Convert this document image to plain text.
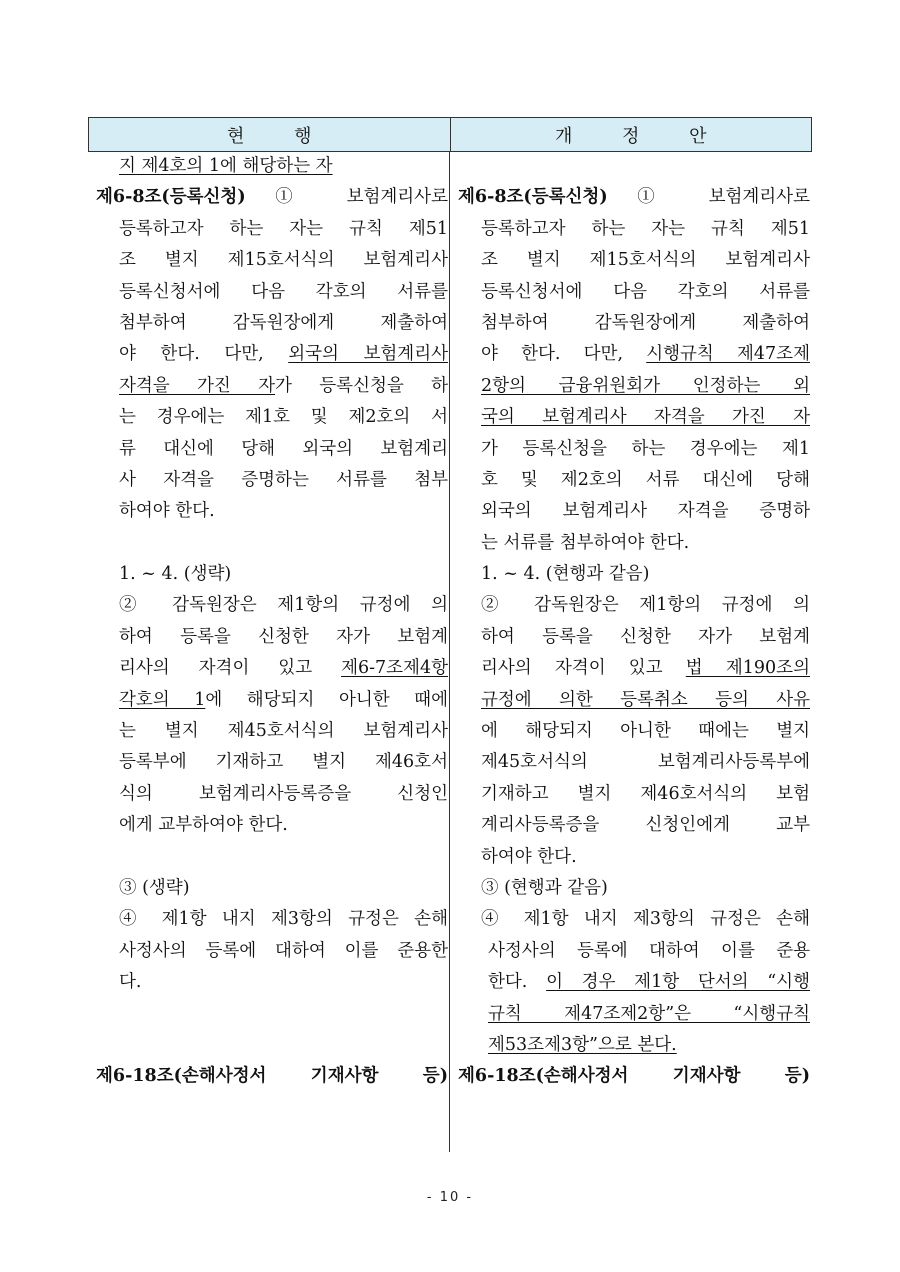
현 행	개 정 안
지 제4호의 1에 해당하는 자
제6-8조(등록신청) ① 보험계리사로
등록하고자 하는 자는 규칙 제51
조 별지 제15호서식의 보험계리사
등록신청서에 다음 각호의 서류를
첨부하여 감독원장에게 제출하여
야 한다. 다만, 외국의 보험계리사
자격을 가진 자가 등록신청을 하
는 경우에는 제1호 및 제2호의 서
류 대신에 당해 외국의 보험계리
사 자격을 증명하는 서류를 첨부
하여야 한다.
1. ~ 4. (생략)
② 감독원장은 제1항의 규정에 의
하여 등록을 신청한 자가 보험계
리사의 자격이 있고 제6-7조제4항
각호의 1에 해당되지 아니한 때에
는 별지 제45호서식의 보험계리사
등록부에 기재하고 별지 제46호서
식의 보험계리사등록증을 신청인
에게 교부하여야 한다.
③ (생략)
④ 제1항 내지 제3항의 규정은 손해
사정사의 등록에 대하여 이를 준용한
다.
제6-18조(손해사정서 기재사항 등)
제6-8조(등록신청) ① 보험계리사로
등록하고자 하는 자는 규칙 제51
조 별지 제15호서식의 보험계리사
등록신청서에 다음 각호의 서류를
첨부하여 감독원장에게 제출하여
야 한다. 다만, 시행규칙 제47조제
2항의 금융위원회가 인정하는 외
국의 보험계리사 자격을 가진 자
가 등록신청을 하는 경우에는 제1
호 및 제2호의 서류 대신에 당해
외국의 보험계리사 자격을 증명하
는 서류를 첨부하여야 한다.
1. ~ 4. (현행과 같음)
② 감독원장은 제1항의 규정에 의
하여 등록을 신청한 자가 보험계
리사의 자격이 있고 법 제190조의
규정에 의한 등록취소 등의 사유
에 해당되지 아니한 때에는 별지
제45호서식의 보험계리사등록부에
기재하고 별지 제46호서식의 보험
계리사등록증을 신청인에게 교부
하여야 한다.
③ (현행과 같음)
④ 제1항 내지 제3항의 규정은 손해
사정사의 등록에 대하여 이를 준용
한다. 이 경우 제1항 단서의 “시행
규칙 제47조제2항”은 “시행규칙
제53조제3항”으로 본다.
제6-18조(손해사정서 기재사항 등)
- 10 -
